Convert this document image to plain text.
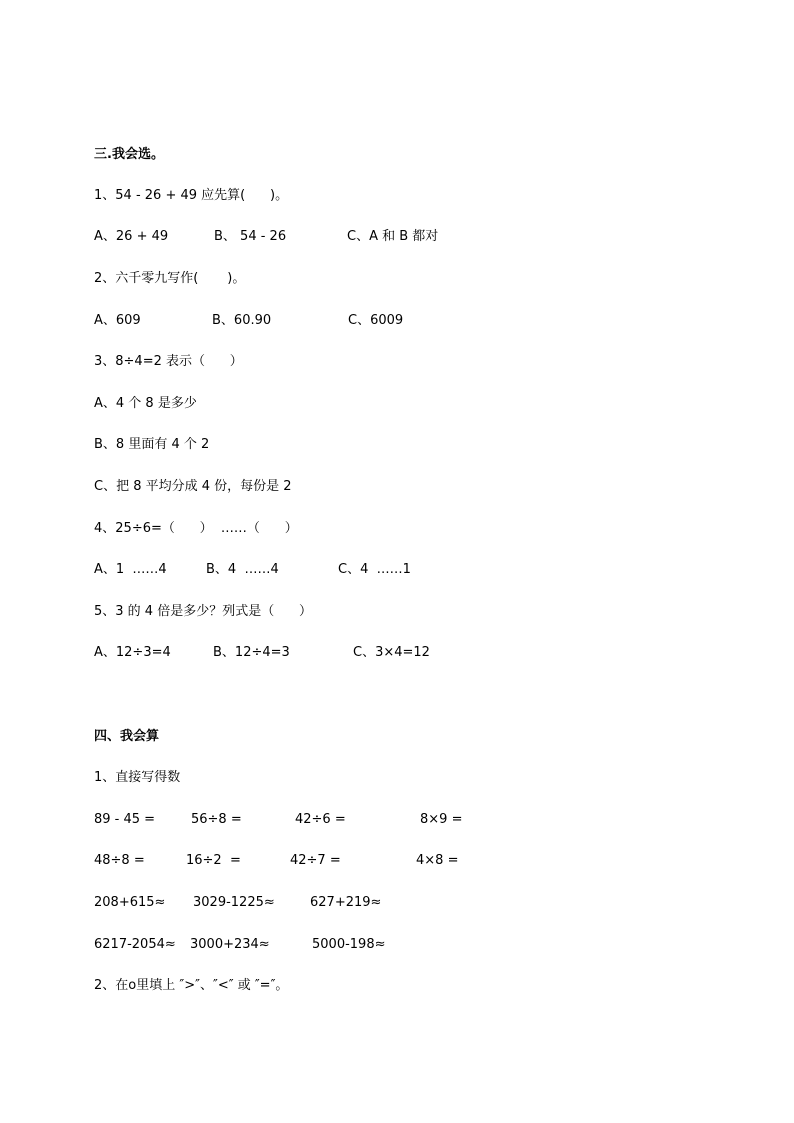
三.我会选。
1、54 - 26 + 49 应先算(      )。
A、26 + 49	B、 54 - 26	C、A 和 B 都对
2、六千零九写作(       )。
A、609	B、60.90	C、6009
3、8÷4=2 表示（      ）
A、4 个 8 是多少
B、8 里面有 4 个 2
C、把 8 平均分成 4 份，每份是 2
4、25÷6=（      ）  ……（      ）
A、1  ……4	B、4  ……4	C、4  ……1
5、3 的 4 倍是多少？列式是（      ）
A、12÷3=4	B、12÷4=3	C、3×4=12
四、我会算
1、直接写得数
89 - 45 =	56÷8 =	42÷6 =	8×9 =
48÷8 =	16÷2  =	42÷7 =	4×8 =
208+615≈ 3029-1225≈	627+219≈
6217-2054≈ 3000+234≈	5000-198≈
2、在o里填上 ″>″、″<″ 或 ″=″。
